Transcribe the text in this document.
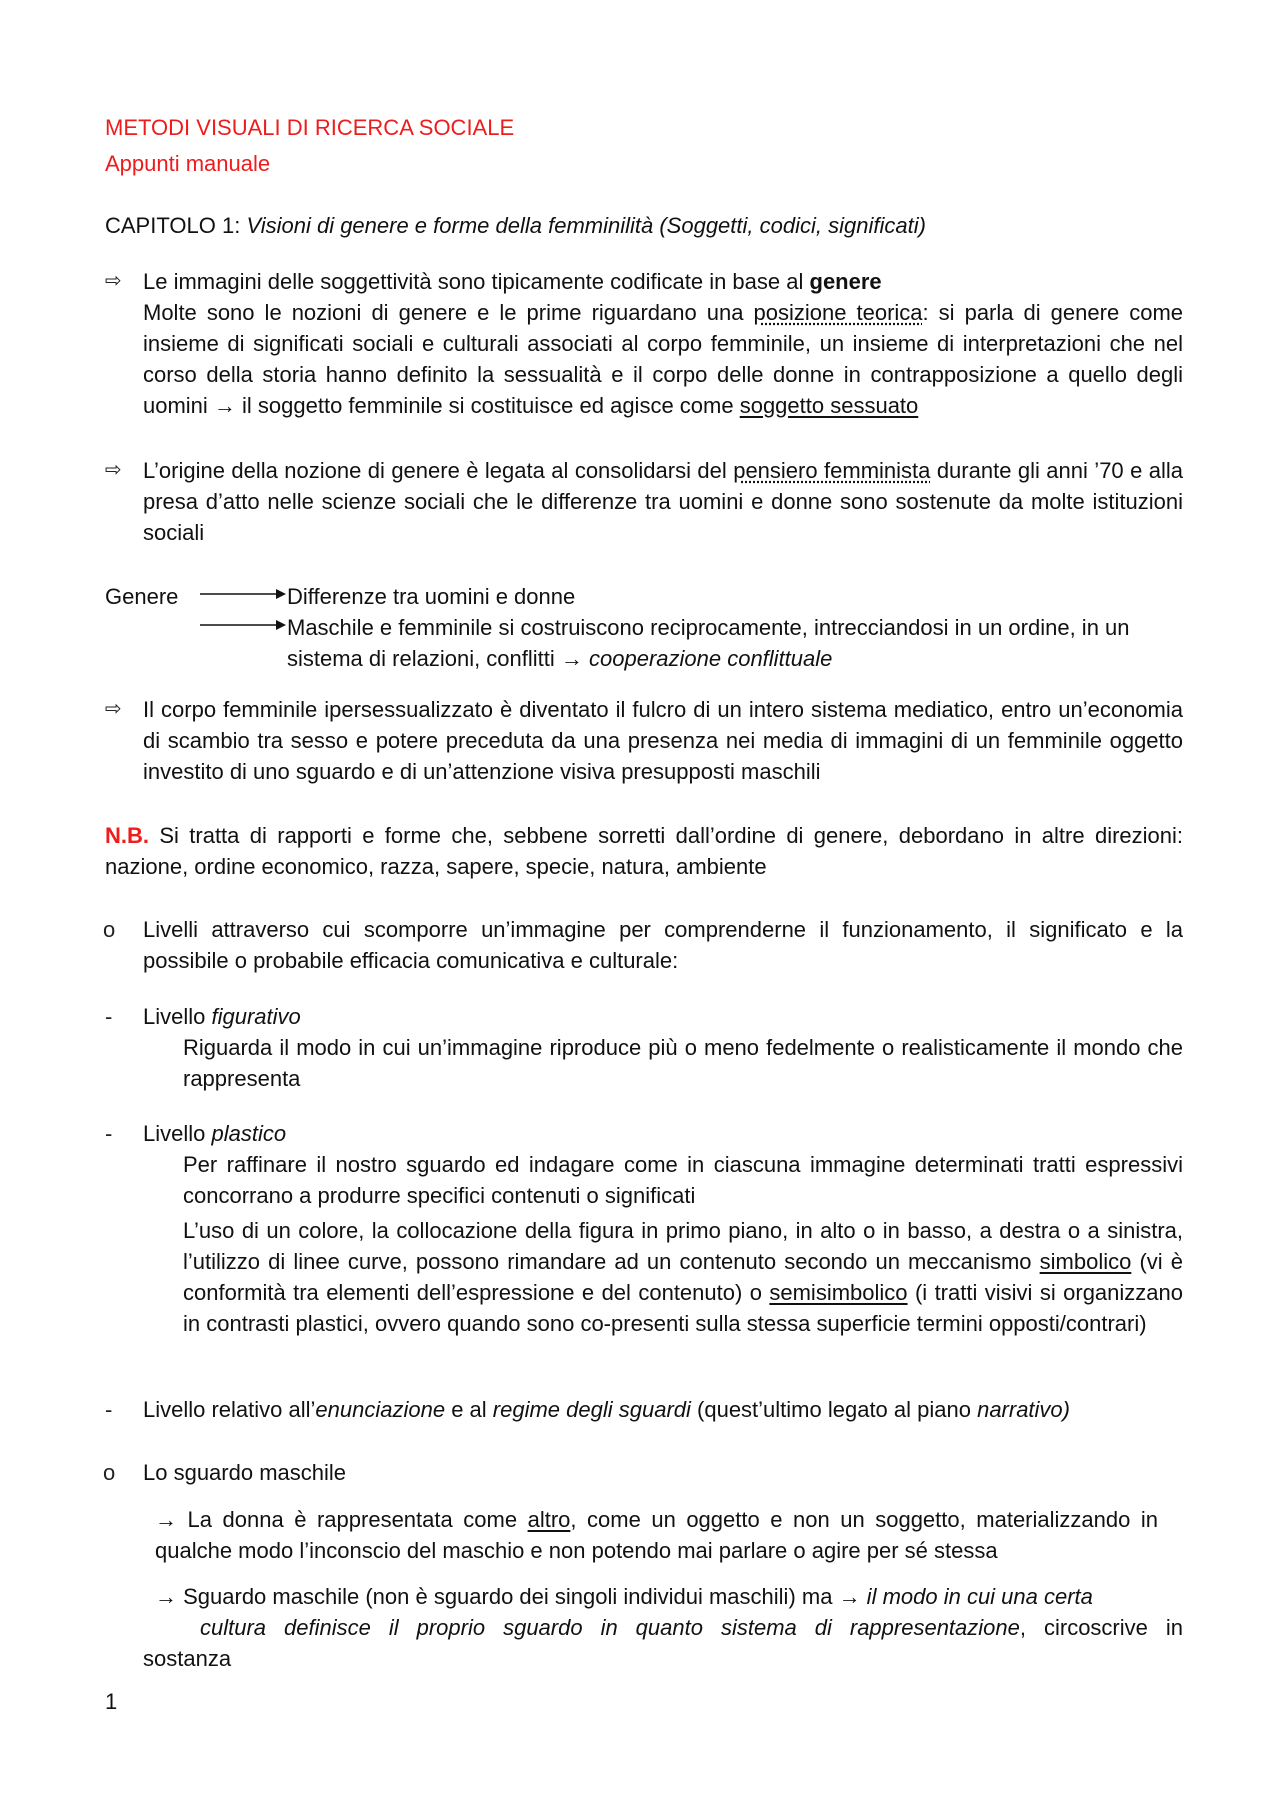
METODI VISUALI DI RICERCA SOCIALE
Appunti manuale
CAPITOLO 1: Visioni di genere e forme della femminilità (Soggetti, codici, significati)
⇨ Le immagini delle soggettività sono tipicamente codificate in base al genere
Molte sono le nozioni di genere e le prime riguardano una posizione teorica: si parla di genere come insieme di significati sociali e culturali associati al corpo femminile, un insieme di interpretazioni che nel corso della storia hanno definito la sessualità e il corpo delle donne in contrapposizione a quello degli uomini → il soggetto femminile si costituisce ed agisce come soggetto sessuato
⇨ L’origine della nozione di genere è legata al consolidarsi del pensiero femminista durante gli anni ’70 e alla presa d’atto nelle scienze sociali che le differenze tra uomini e donne sono sostenute da molte istituzioni sociali
Genere	Differenze tra uomini e donne
Maschile e femminile si costruiscono reciprocamente, intrecciandosi in un ordine, in un sistema di relazioni, conflitti → cooperazione conflittuale
⇨ Il corpo femminile ipersessualizzato è diventato il fulcro di un intero sistema mediatico, entro un’economia di scambio tra sesso e potere preceduta da una presenza nei media di immagini di un femminile oggetto investito di uno sguardo e di un’attenzione visiva presupposti maschili
N.B. Si tratta di rapporti e forme che, sebbene sorretti dall’ordine di genere, debordano in altre direzioni: nazione, ordine economico, razza, sapere, specie, natura, ambiente
o Livelli attraverso cui scomporre un’immagine per comprenderne il funzionamento, il significato e la possibile o probabile efficacia comunicativa e culturale:
- Livello figurativo
Riguarda il modo in cui un’immagine riproduce più o meno fedelmente o realisticamente il mondo che rappresenta
- Livello plastico
Per raffinare il nostro sguardo ed indagare come in ciascuna immagine determinati tratti espressivi concorrano a produrre specifici contenuti o significati
L’uso di un colore, la collocazione della figura in primo piano, in alto o in basso, a destra o a sinistra, l’utilizzo di linee curve, possono rimandare ad un contenuto secondo un meccanismo simbolico (vi è conformità tra elementi dell’espressione e del contenuto) o semisimbolico (i tratti visivi si organizzano in contrasti plastici, ovvero quando sono co-presenti sulla stessa superficie termini opposti/contrari)
- Livello relativo all’enunciazione e al regime degli sguardi (quest’ultimo legato al piano narrativo)
o Lo sguardo maschile
→ La donna è rappresentata come altro, come un oggetto e non un soggetto, materializzando in qualche modo l’inconscio del maschio e non potendo mai parlare o agire per sé stessa
→ Sguardo maschile (non è sguardo dei singoli individui maschili) ma → il modo in cui una certa
cultura definisce il proprio sguardo in quanto sistema di rappresentazione, circoscrive in
sostanza
1
